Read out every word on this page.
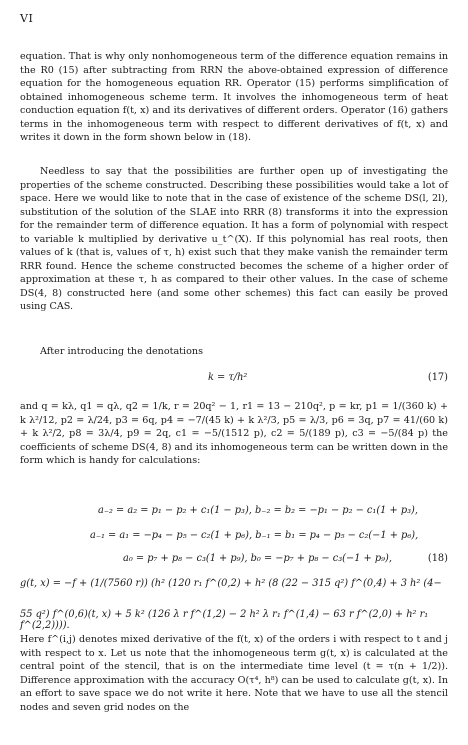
VI
equation. That is why only nonhomogeneous term of the difference equation remains in the R0 (15) after subtracting from RRN the above-obtained expression of difference equation for the homogeneous equation RR. Operator (15) performs simplification of obtained inhomogeneous scheme term. It involves the inhomogeneous term of heat conduction equation f(t, x) and its derivatives of different orders. Operator (16) gathers terms in the inhomogeneous term with respect to different derivatives of f(t, x) and writes it down in the form shown below in (18).
Needless to say that the possibilities are further open up of investigating the properties of the scheme constructed. Describing these possibilities would take a lot of space. Here we would like to note that in the case of existence of the scheme DS(l, 2l), substitution of the solution of the SLAE into RRR (8) transforms it into the expression for the remainder term of difference equation. It has a form of polynomial with respect to variable k multiplied by derivative u_t^(X). If this polynomial has real roots, then values of k (that is, values of τ, h) exist such that they make vanish the remainder term RRR found. Hence the scheme constructed becomes the scheme of a higher order of approximation at these τ, h as compared to their other values. In the case of scheme DS(4, 8) constructed here (and some other schemes) this fact can easily be proved using CAS.
After introducing the denotations
k = τ/h²	(17)
and q = kλ, q1 = qλ, q2 = 1/k, r = 20q² − 1, r1 = 13 − 210q², p = kr, p1 = 1/(360 k) + k λ²/12, p2 = λ/24, p3 = 6q, p4 = −7/(45 k) + k λ²/3, p5 = λ/3, p6 = 3q, p7 = 41/(60 k) + k λ²/2, p8 = 3λ/4, p9 = 2q, c1 = −5/(1512 p), c2 = 5/(189 p), c3 = −5/(84 p) the coefficients of scheme DS(4, 8) and its inhomogeneous term can be written down in the form which is handy for calculations:
a₋₂ = a₂ = p₁ − p₂ + c₁(1 − p₃), b₋₂ = b₂ = −p₁ − p₂ − c₁(1 + p₃),
a₋₁ = a₁ = −p₄ − p₅ − c₂(1 + p₆), b₋₁ = b₁ = p₄ − p₅ − c₂(−1 + p₆),
a₀ = p₇ + p₈ − c₃(1 + p₉), b₀ = −p₇ + p₈ − c₃(−1 + p₉),	(18)
g(t, x) = −f + (1/(7560 r)) (h² (120 r₁ f^(0,2) + h² (8 (22 − 315 q²) f^(0,4) + 3 h² (4−
55 q²) f^(0,6)(t, x) + 5 k² (126 λ r f^(1,2) − 2 h² λ r₁ f^(1,4) − 63 r f^(2,0) + h² r₁ f^(2,2)))).
Here f^(i,j) denotes mixed derivative of the f(t, x) of the orders i with respect to t and j with respect to x. Let us note that the inhomogeneous term g(t, x) is calculated at the central point of the stencil, that is on the intermediate time level (t = τ(n + 1/2)). Difference approximation with the accuracy O(τ⁴, h⁸) can be used to calculate g(t, x). In an effort to save space we do not write it here. Note that we have to use all the stencil nodes and seven grid nodes on the
